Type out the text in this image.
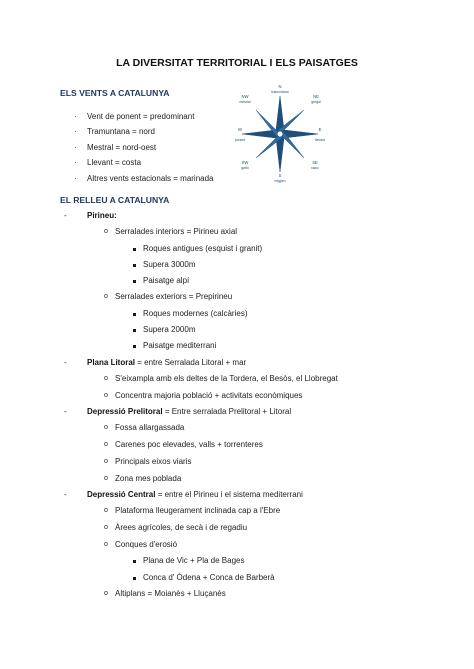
LA DIVERSITAT TERRITORIAL I ELS PAISATGES
ELS VENTS A CATALUNYA
· Vent de ponent = predominant
· Tramuntana = nord
· Mestral = nord-oest
· Llevant = costa
· Altres vents estacionals = marinada
N
tramuntana
NE
gregal
E
llevant
SE
xaloc
S
migjorn
SW
garbí
W
ponent
NW
mestral
EL RELLEU A CATALUNYA
-	Pirineu:
o Serralades interiors = Pirineu axial
Roques antigues (esquist i granit)
Supera 3000m
Paisatge alpí
o Serralades exteriors = Prepirineu
Roques modernes (calcàries)
Supera 2000m
Paisatge mediterrani
-	Plana Litoral = entre Serralada Litoral + mar
o S'eixampla amb els deltes de la Tordera, el Besòs, el Llobregat
o Concentra majoria població + activitats econòmiques
-	Depressió Prelitoral = Entre serralada Prelitoral + Litoral
o Fossa allargassada
o Carenes poc elevades, valls + torrenteres
o Principals eixos viaris
o Zona mes poblada
-	Depressió Central = entre el Pirineu i el sistema mediterrani
o Plataforma lleugerament inclinada cap a l'Ebre
o Àrees agrícoles, de secà i de regadiu
o Conques d'erosió
Plana de Vic + Pla de Bages
Conca d' Òdena + Conca de Barberà
o Altiplans = Moianès + Lluçanès
